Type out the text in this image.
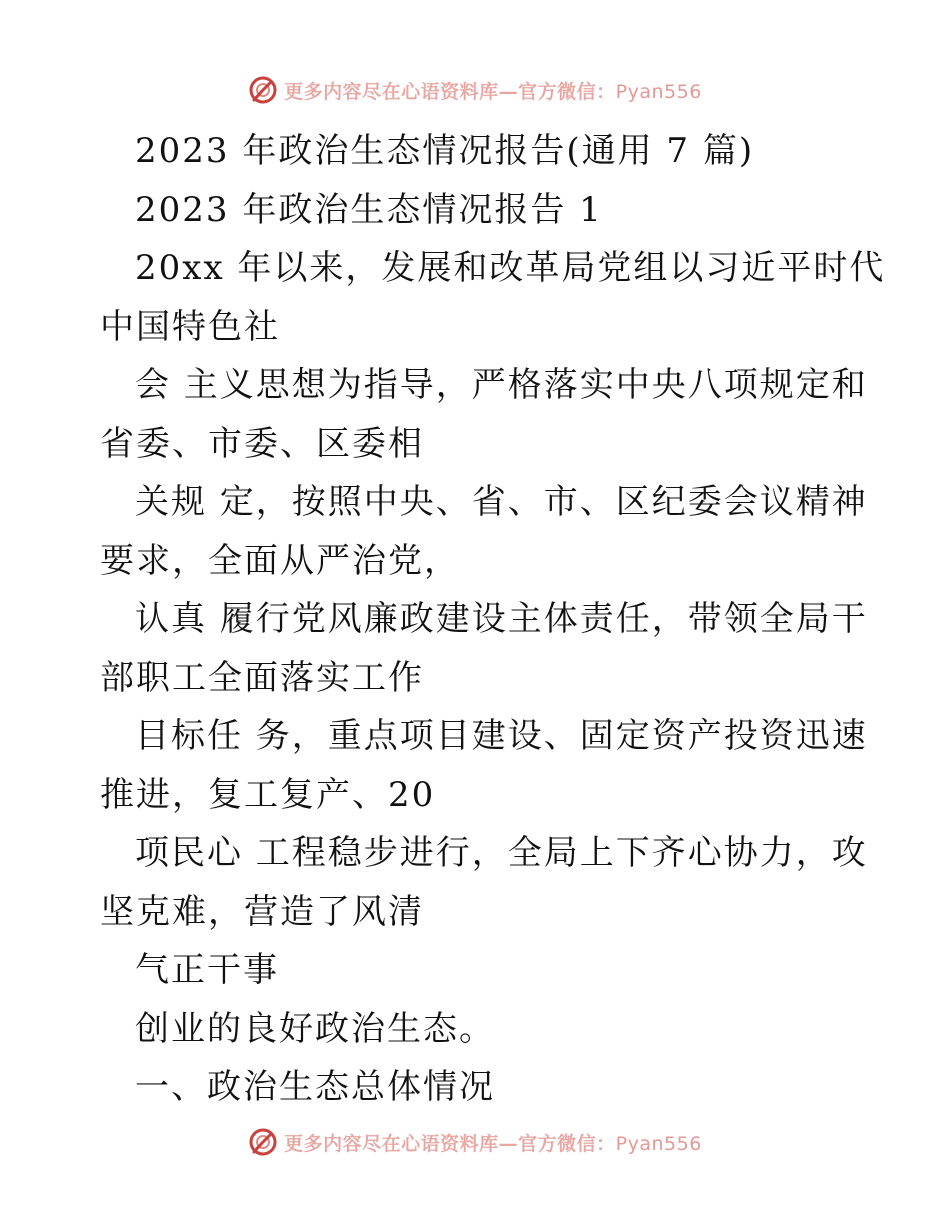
更多内容尽在心语资料库—官方微信：Pyan556
2023 年政治生态情况报告(通用 7 篇)
2023 年政治生态情况报告 1
20xx 年以来，发展和改革局党组以习近平时代
中国特色社
会 主义思想为指导，严格落实中央八项规定和
省委、市委、区委相
关规 定，按照中央、省、市、区纪委会议精神
要求，全面从严治党，
认真 履行党风廉政建设主体责任，带领全局干
部职工全面落实工作
目标任 务，重点项目建设、固定资产投资迅速
推进，复工复产、20
项民心 工程稳步进行，全局上下齐心协力，攻
坚克难，营造了风清
气正干事
创业的良好政治生态。
一、政治生态总体情况
更多内容尽在心语资料库—官方微信：Pyan556
